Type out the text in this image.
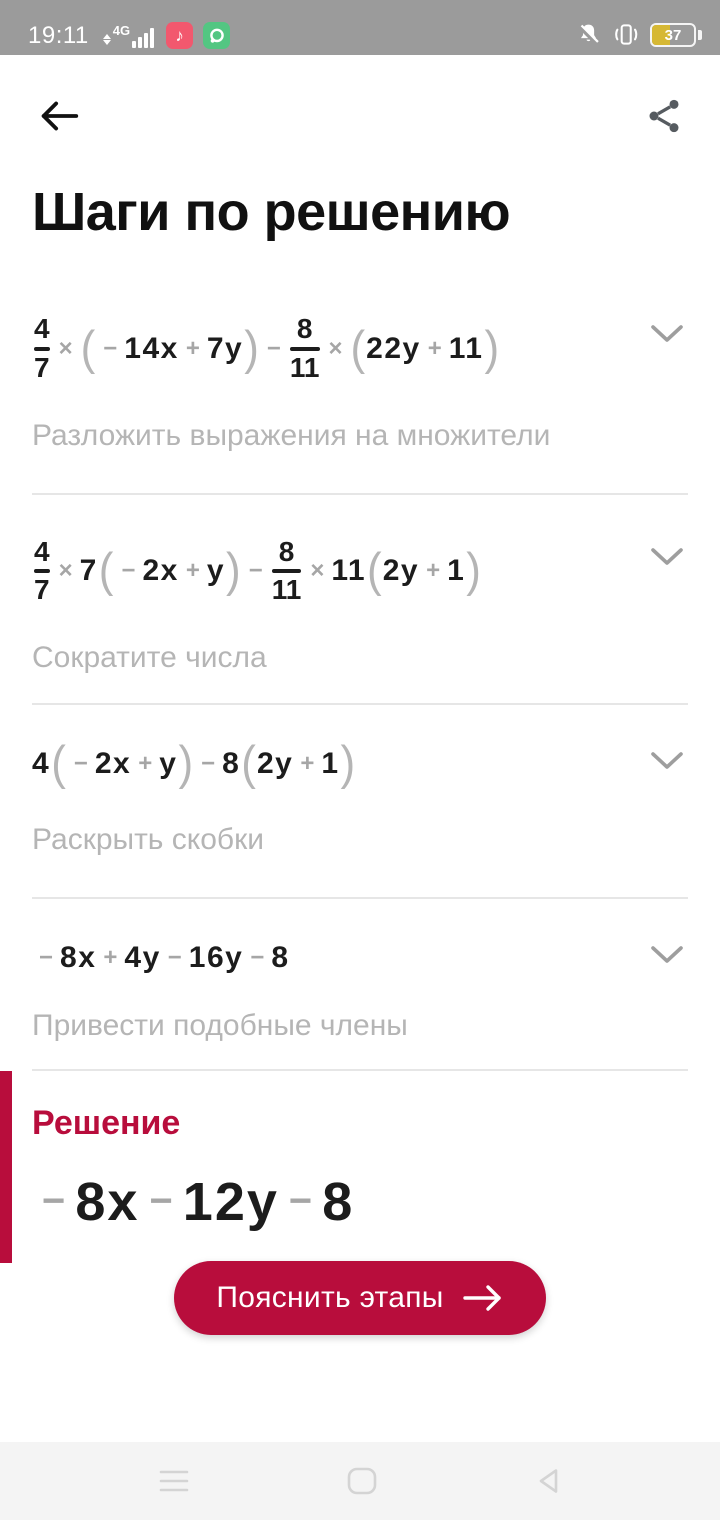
19:11 4G	♪	37
Шаги по решению
$\frac{4}{7}$ × ( − 14x + 7y ) − $\frac{8}{11}$ × ( 22y + 11 )
Разложить выражения на множители
$\frac{4}{7} \times 7$ ( − 2x + y ) − $\frac{8}{11} \times 11$ ( 2y + 1 )
Сократите числа
4 ( − 2x + y ) − 8 ( 2y + 1 )
Раскрыть скобки
− 8x + 4y − 16y − 8
Привести подобные члены
Решение
− 8x − 12y − 8
Пояснить этапы
